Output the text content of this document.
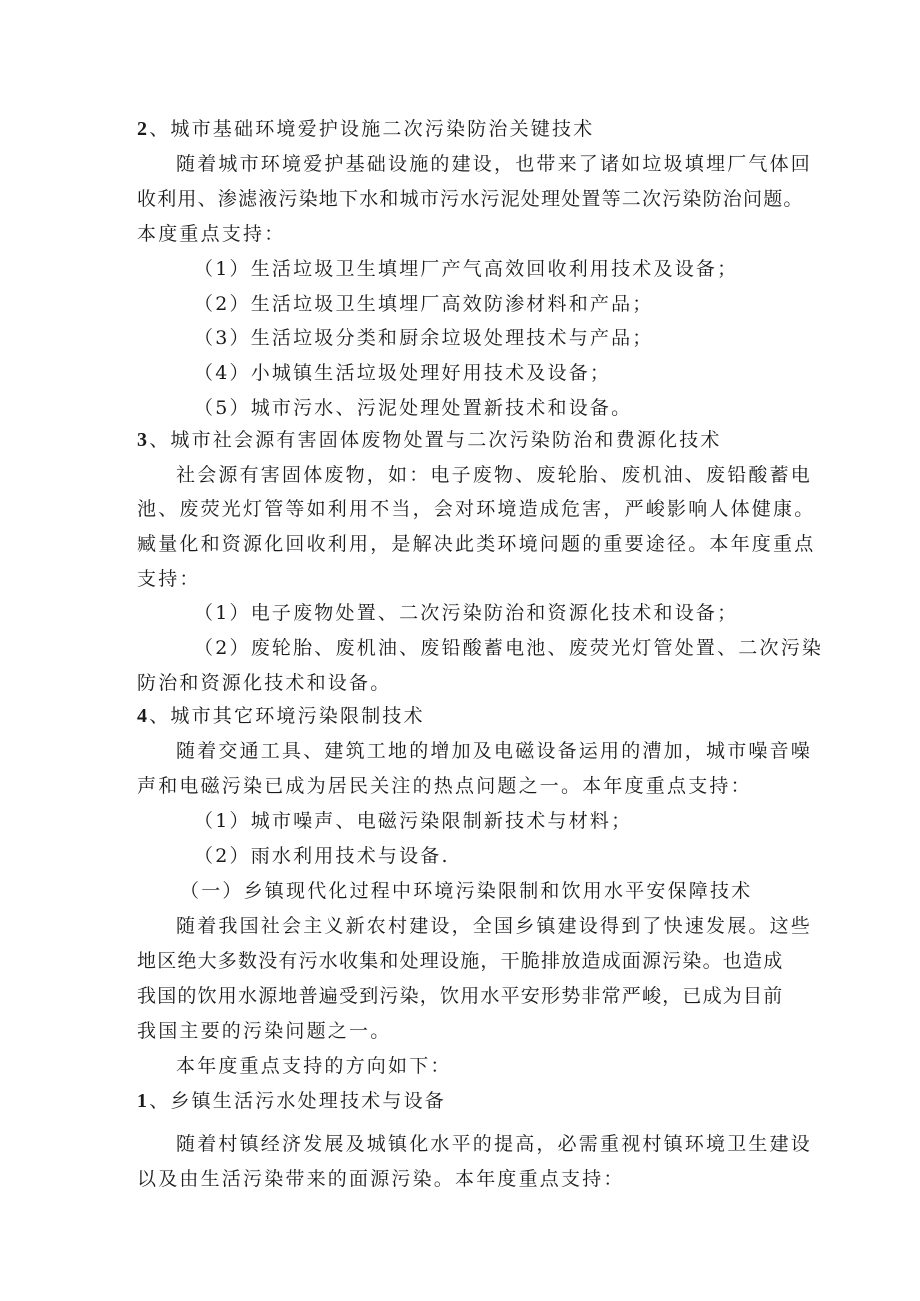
2、城市基础环境爱护设施二次污染防治关键技术
随着城市环境爱护基础设施的建设，也带来了诸如垃圾填埋厂气体回
收利用、渗滤液污染地下水和城市污水污泥处理处置等二次污染防治问题。
本度重点支持：
（1）生活垃圾卫生填埋厂产气高效回收利用技术及设备；
（2）生活垃圾卫生填埋厂高效防渗材料和产品；
（3）生活垃圾分类和厨余垃圾处理技术与产品；
（4）小城镇生活垃圾处理好用技术及设备；
（5）城市污水、污泥处理处置新技术和设备。
3、城市社会源有害固体废物处置与二次污染防治和费源化技术
社会源有害固体废物，如：电子废物、废轮胎、废机油、废铅酸蓄电
池、废荧光灯管等如利用不当，会对环境造成危害，严峻影响人体健康。
臧量化和资源化回收利用，是解决此类环境问题的重要途径。本年度重点
支持：
（1）电子废物处置、二次污染防治和资源化技术和设备；
（2）废轮胎、废机油、废铅酸蓄电池、废荧光灯管处置、二次污染
防治和资源化技术和设备。
4、城市其它环境污染限制技术
随着交通工具、建筑工地的增加及电磁设备运用的漕加，城市噪音噪
声和电磁污染已成为居民关注的热点问题之一。本年度重点支持：
（1）城市噪声、电磁污染限制新技术与材料；
（2）雨水利用技术与设备.
（一）乡镇现代化过程中环境污染限制和饮用水平安保障技术
随着我国社会主义新农村建设，全国乡镇建设得到了快速发展。这些
地区绝大多数没有污水收集和处理设施，干脆排放造成面源污染。也造成
我国的饮用水源地普遍受到污染，饮用水平安形势非常严峻，已成为目前
我国主要的污染问题之一。
本年度重点支持的方向如下：
1、乡镇生活污水处理技术与设备
随着村镇经济发展及城镇化水平的提高，必需重视村镇环境卫生建设
以及由生活污染带来的面源污染。本年度重点支持：
